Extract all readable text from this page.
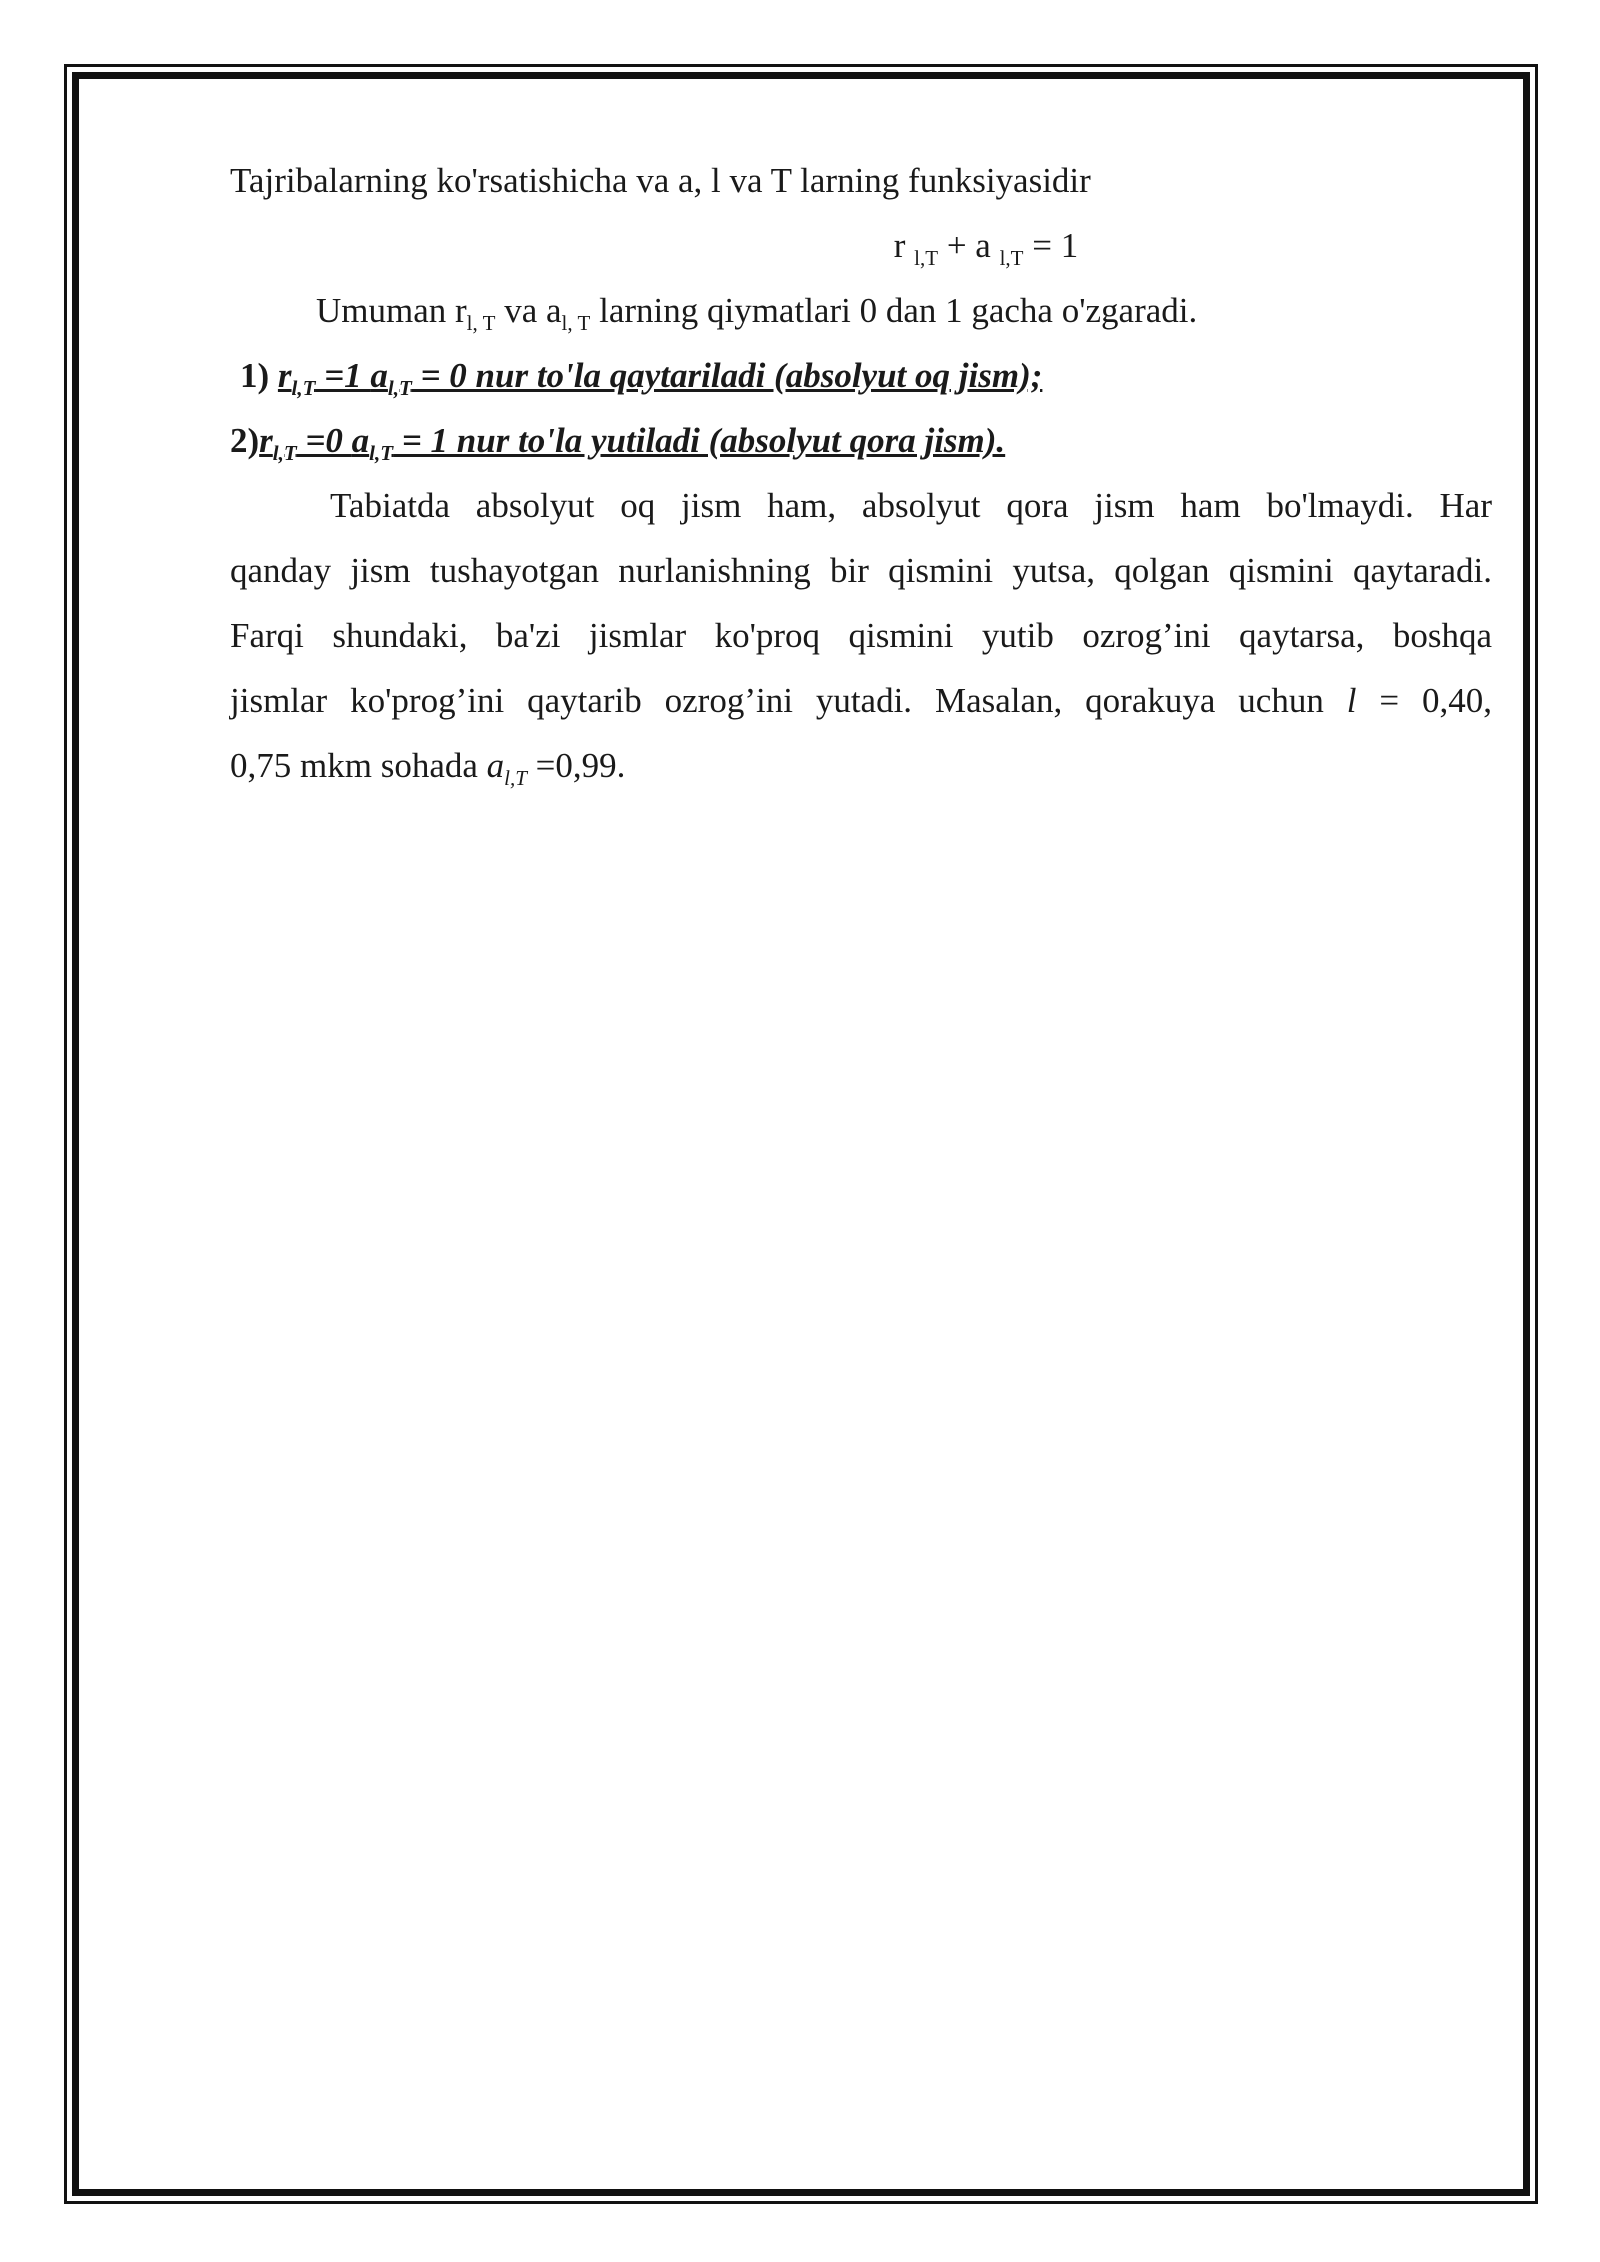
Tajribalarning ko'rsatishicha va a, l va T larning funksiyasidir
r $_{l,T}$ + a $_{l,T}$ = 1
Umuman $r_{l, T}$ va $a_{l, T}$ larning qiymatlari 0 dan 1 gacha o'zgaradi.
1) $r_{l,T} =1$ $a_{l,T} = 0$ nur to'la qaytariladi (absolyut oq jism);
$2)r_{l,T} =0$ $a_{l,T} = 1$ nur to'la yutiladi (absolyut qora jism).
Tabiatda absolyut oq jism ham, absolyut qora jism ham bo'lmaydi. Har
qanday jism tushayotgan nurlanishning bir qismini yutsa, qolgan qismini qaytaradi.
Farqi shundaki, ba'zi jismlar ko'proq qismini yutib ozrog’ini qaytarsa, boshqa
jismlar ko'prog’ini qaytarib ozrog’ini yutadi. Masalan, qorakuya uchun l = 0,40,
0,75 mkm sohada $a_{l,T} =0,99$.
